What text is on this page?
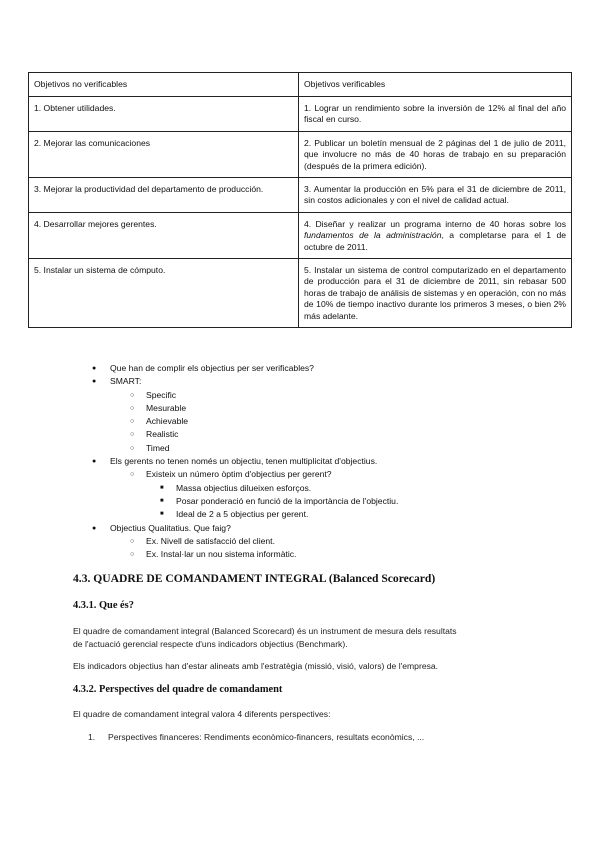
Objetivos no verificables	Objetivos verificables
1. Obtener utilidades.	1. Lograr un rendimiento sobre la inversión de 12% al final del año fiscal en curso.
2. Mejorar las comunicaciones	2. Publicar un boletín mensual de 2 páginas del 1 de julio de 2011, que involucre no más de 40 horas de trabajo en su preparación (después de la primera edición).
3. Mejorar la productividad del departamento de producción.	3. Aumentar la producción en 5% para el 31 de diciembre de 2011, sin costos adicionales y con el nivel de calidad actual.
4. Desarrollar mejores gerentes.	4. Diseñar y realizar un programa interno de 40 horas sobre los fundamentos de la administración, a completarse para el 1 de octubre de 2011.
5. Instalar un sistema de cómputo.	5. Instalar un sistema de control computarizado en el departamento de producción para el 31 de diciembre de 2011, sin rebasar 500 horas de trabajo de análisis de sistemas y en operación, con no más de 10% de tiempo inactivo durante los primeros 3 meses, o bien 2% más adelante.
● Que han de complir els objectius per ser verificables?
● SMART:
○ Specific
○ Mesurable
○ Achievable
○ Realistic
○ Timed
● Els gerents no tenen només un objectiu, tenen multiplicitat d'objectius.
○ Existeix un número òptim d'objectius per gerent?
■ Massa objectius dilueixen esforços.
■ Posar ponderació en funció de la importància de l'objectiu.
■ Ideal de 2 a 5 objectius per gerent.
● Objectius Qualitatius. Que faig?
○ Ex. Nivell de satisfacció del client.
○ Ex. Instal·lar un nou sistema informàtic.
4.3. QUADRE DE COMANDAMENT INTEGRAL (Balanced Scorecard)
4.3.1. Que és?
El quadre de comandament integral (Balanced Scorecard) és un instrument de mesura dels resultats
de l'actuació gerencial respecte d'uns indicadors objectius (Benchmark).
Els indicadors objectius han d'estar alineats amb l'estratègia (missió, visió, valors) de l'empresa.
4.3.2. Perspectives del quadre de comandament
El quadre de comandament integral valora 4 diferents perspectives:
1. Perspectives financeres: Rendiments econòmico-financers, resultats econòmics, ...
